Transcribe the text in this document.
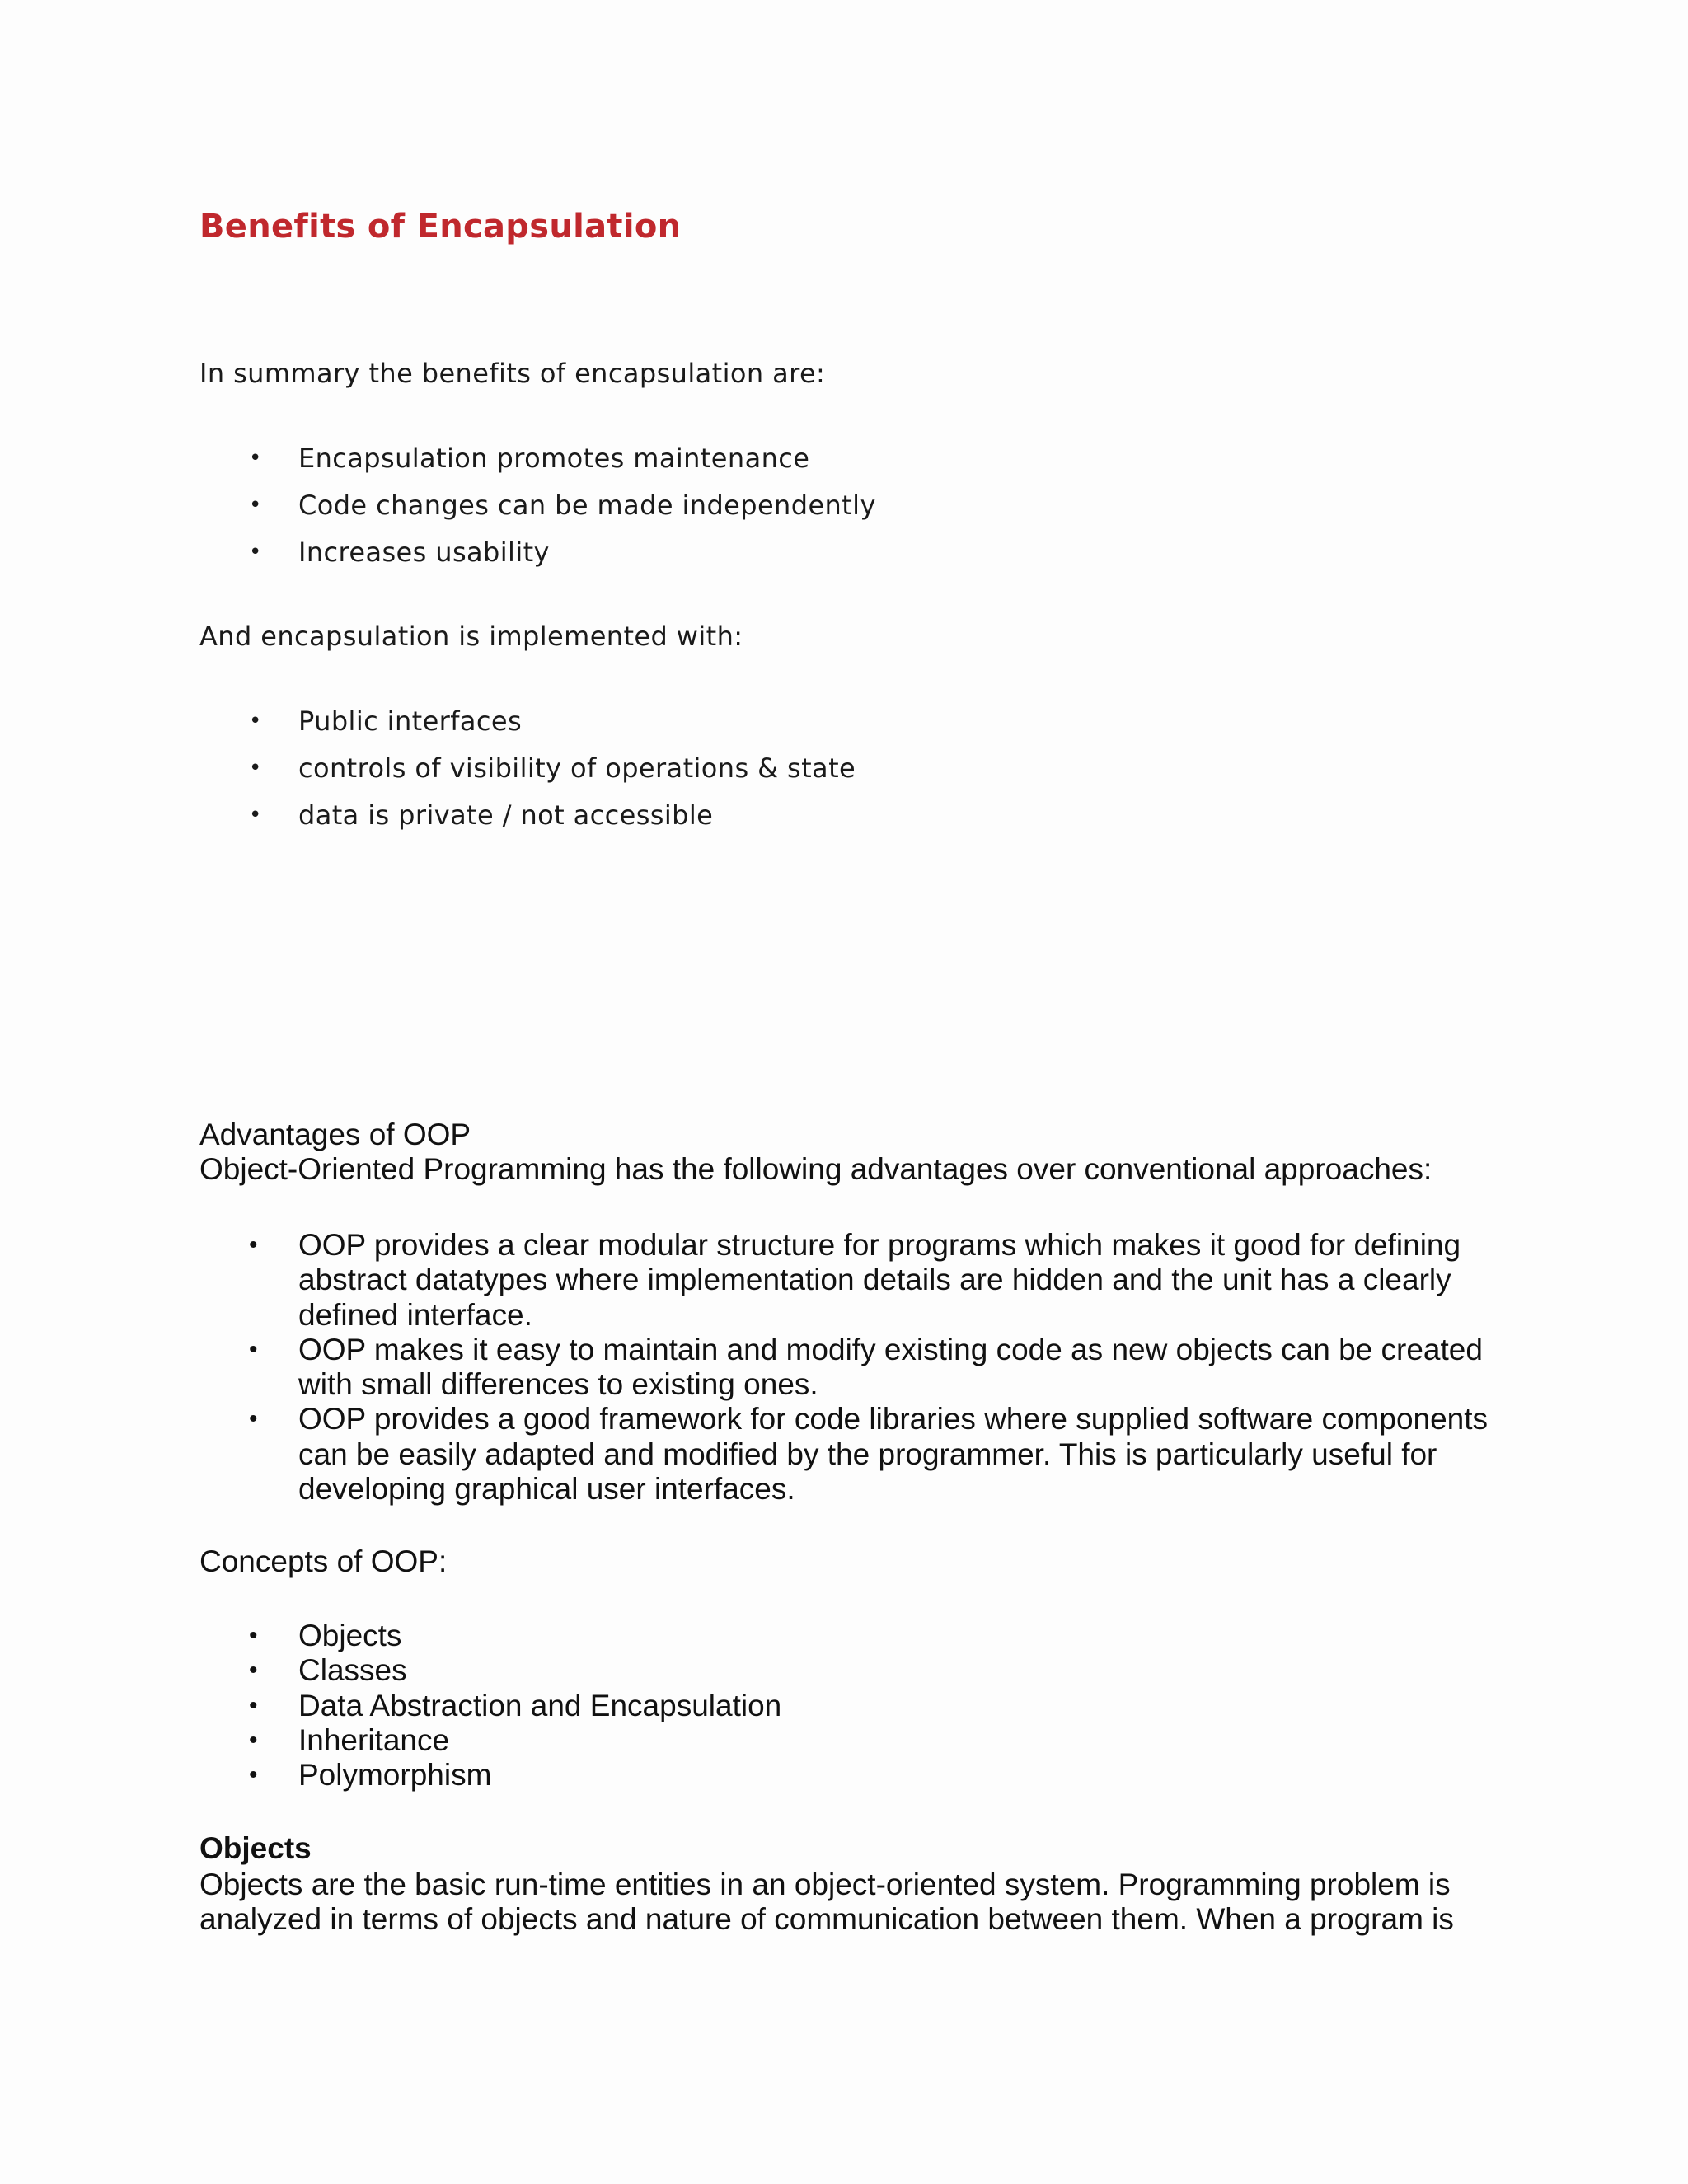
Benefits of Encapsulation

In summary the benefits of encapsulation are:

• Encapsulation promotes maintenance
• Code changes can be made independently
• Increases usability

And encapsulation is implemented with:

• Public interfaces
• controls of visibility of operations & state
• data is private / not accessible

Advantages of OOP

Object-Oriented Programming has the following advantages over conventional approaches:

• OOP provides a clear modular structure for programs which makes it good for defining abstract datatypes where implementation details are hidden and the unit has a clearly defined interface.
• OOP makes it easy to maintain and modify existing code as new objects can be created with small differences to existing ones.
• OOP provides a good framework for code libraries where supplied software components can be easily adapted and modified by the programmer. This is particularly useful for developing graphical user interfaces.

Concepts of OOP:

• Objects
• Classes
• Data Abstraction and Encapsulation
• Inheritance
• Polymorphism

Objects

Objects are the basic run-time entities in an object-oriented system. Programming problem is analyzed in terms of objects and nature of communication between them. When a program is
